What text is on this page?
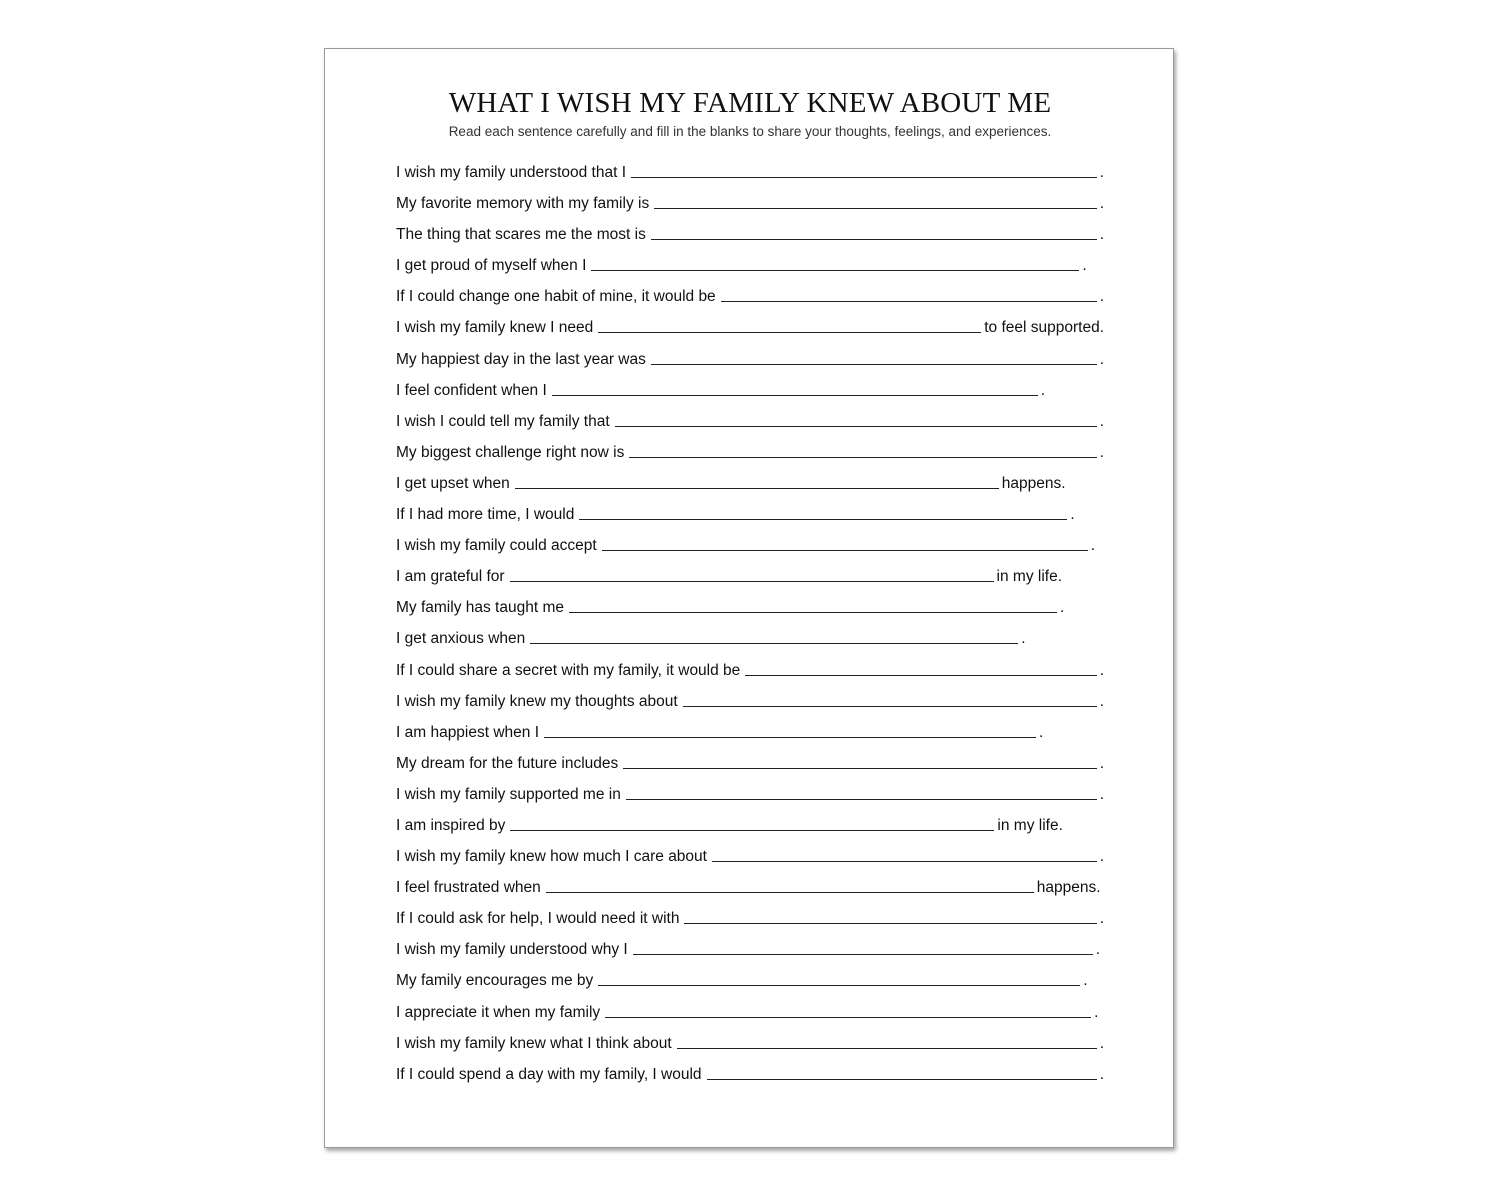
WHAT I WISH MY FAMILY KNEW ABOUT ME
Read each sentence carefully and fill in the blanks to share your thoughts, feelings, and experiences.
I wish my family understood that I	.
My favorite memory with my family is	.
The thing that scares me the most is	.
I get proud of myself when I	.
If I could change one habit of mine, it would be	.
I wish my family knew I need	to feel supported.
My happiest day in the last year was	.
I feel confident when I	.
I wish I could tell my family that	.
My biggest challenge right now is	.
I get upset when	happens.
If I had more time, I would	.
I wish my family could accept	.
I am grateful for	in my life.
My family has taught me	.
I get anxious when	.
If I could share a secret with my family, it would be	.
I wish my family knew my thoughts about	.
I am happiest when I	.
My dream for the future includes	.
I wish my family supported me in	.
I am inspired by	in my life.
I wish my family knew how much I care about	.
I feel frustrated when	happens.
If I could ask for help, I would need it with	.
I wish my family understood why I	.
My family encourages me by	.
I appreciate it when my family	.
I wish my family knew what I think about	.
If I could spend a day with my family, I would	.
